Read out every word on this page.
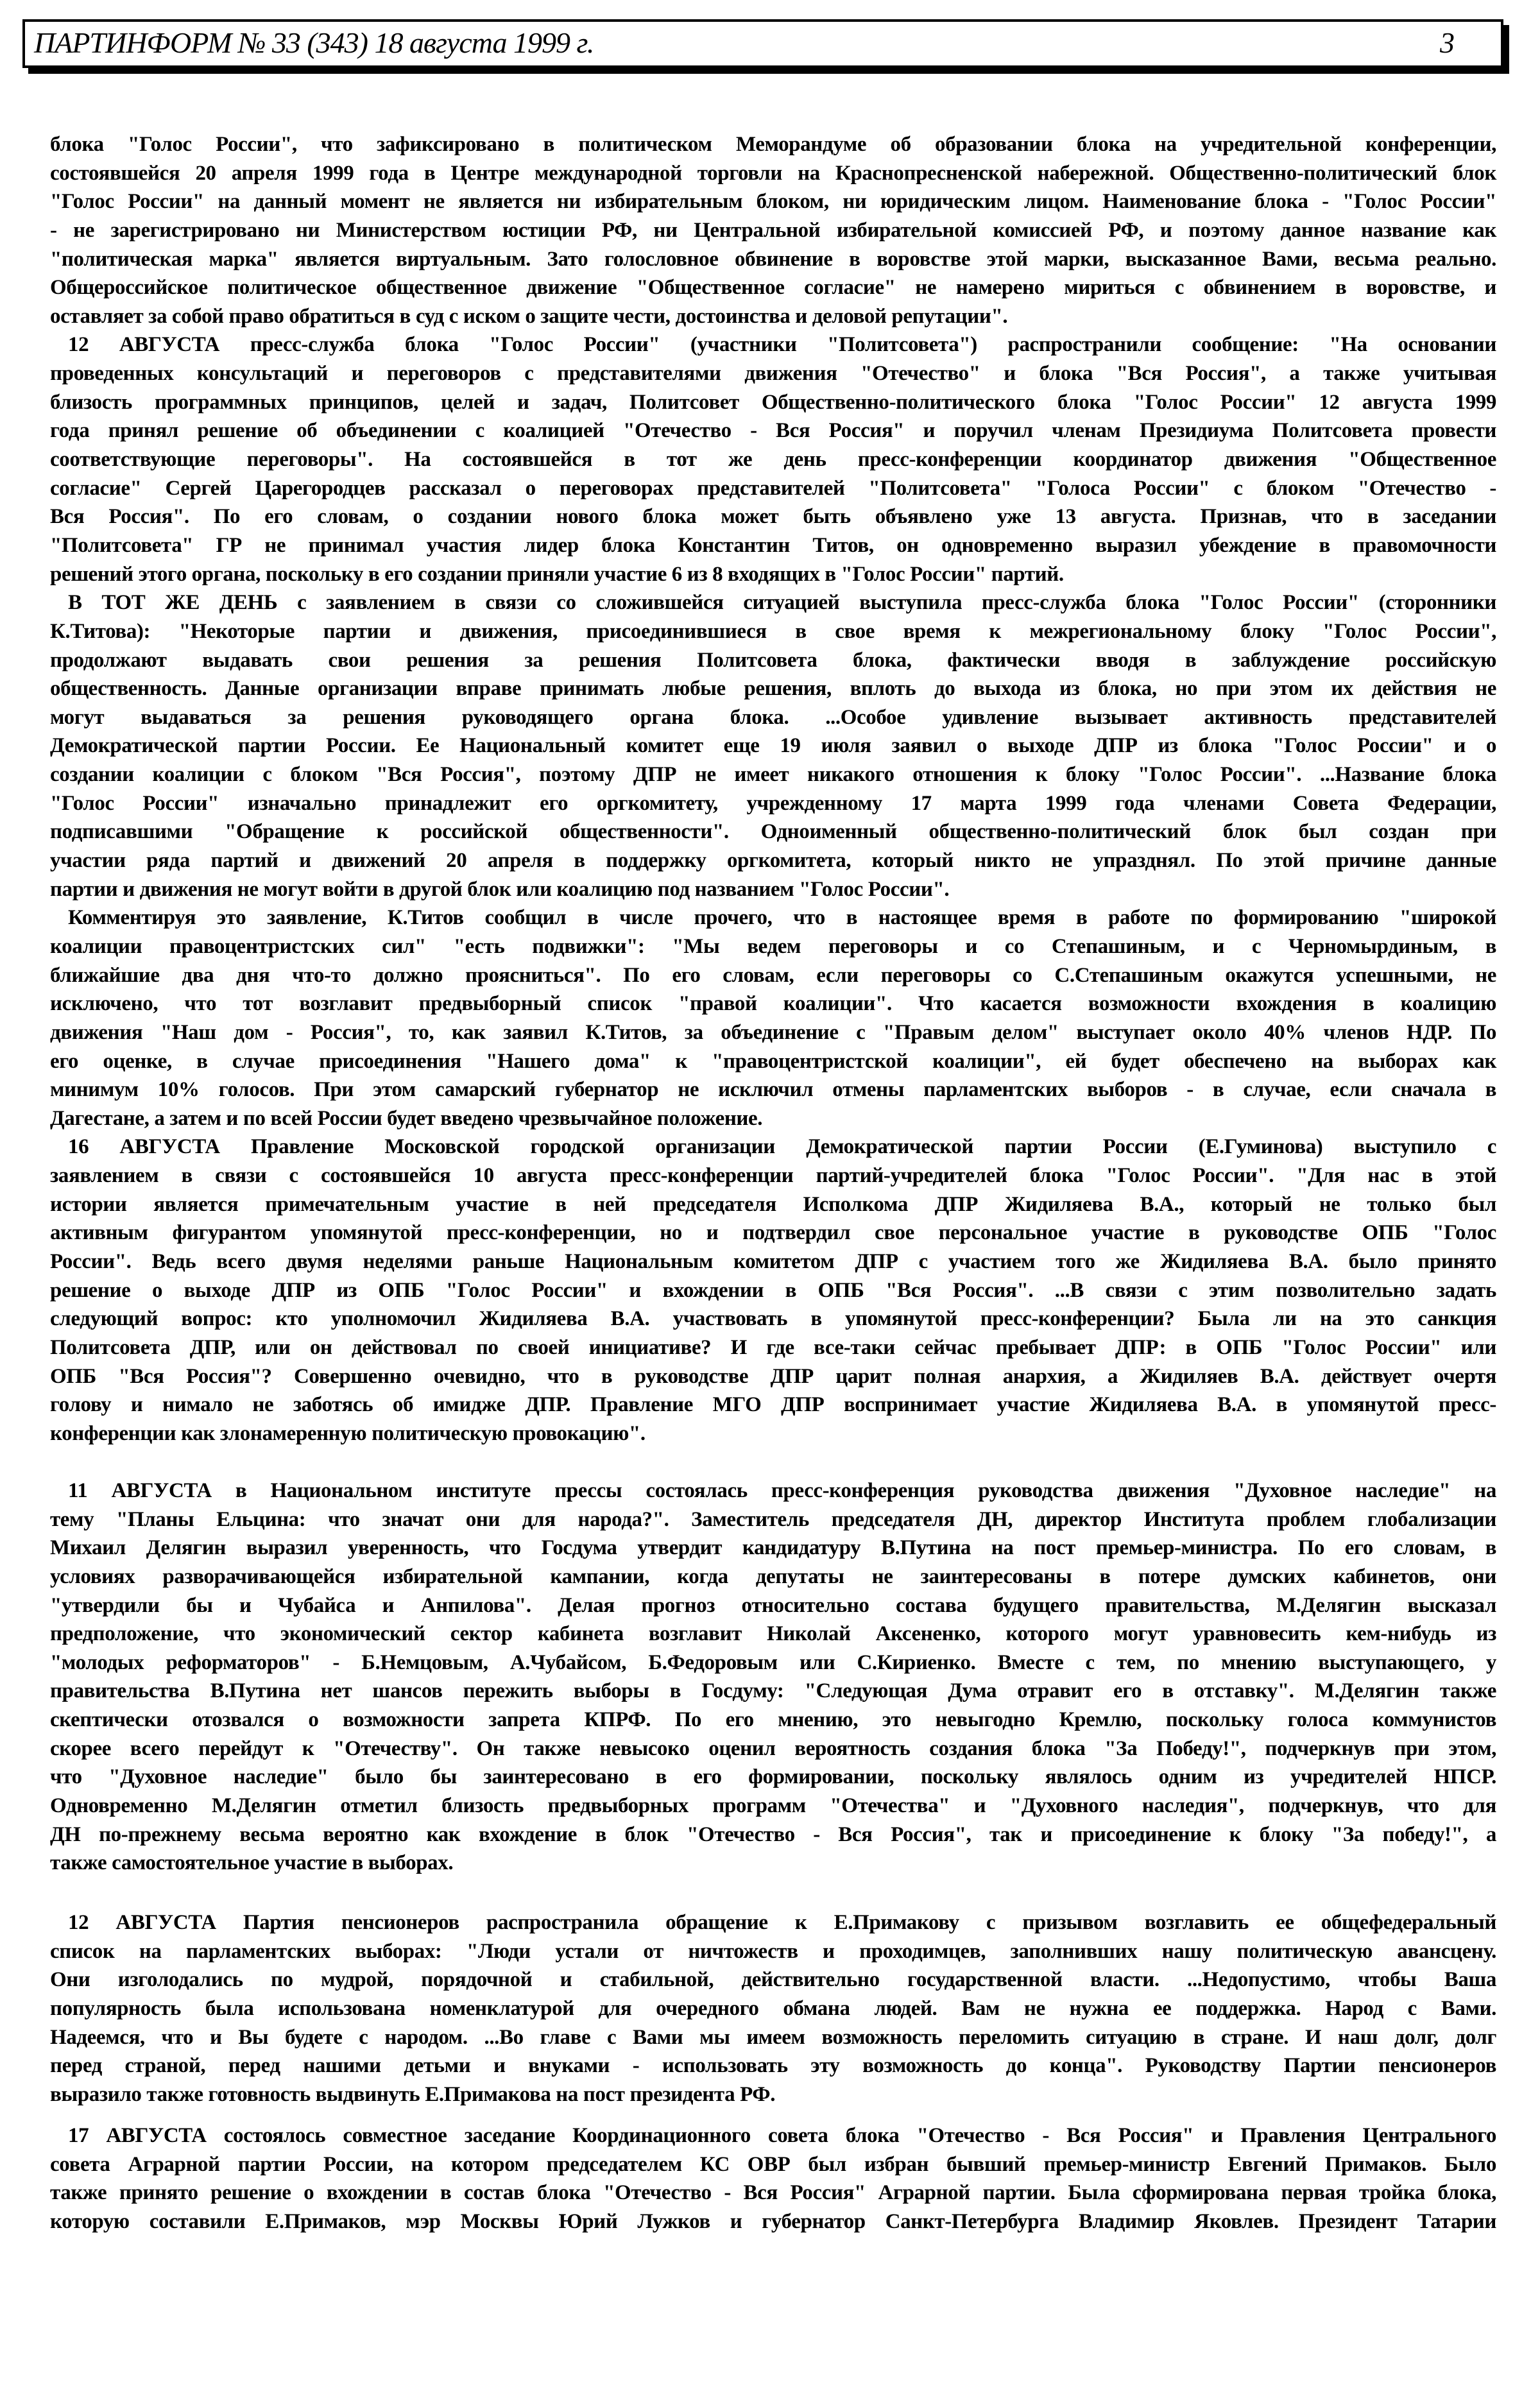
ПАРТИНФОРМ № 33 (343) 18 августа 1999 г.	3
блока "Голос России", что зафиксировано в политическом Меморандуме об образовании блока на учредительной конференции,
состоявшейся 20 апреля 1999 года в Центре международной торговли на Краснопресненской набережной. Общественно-политический блок
"Голос России" на данный момент не является ни избирательным блоком, ни юридическим лицом. Наименование блока - "Голос России"
- не зарегистрировано ни Министерством юстиции РФ, ни Центральной избирательной комиссией РФ, и поэтому данное название как
"политическая марка" является виртуальным. Зато голословное обвинение в воровстве этой марки, высказанное Вами, весьма реально.
Общероссийское политическое общественное движение "Общественное согласие" не намерено мириться с обвинением в воровстве, и
оставляет за собой право обратиться в суд с иском о защите чести, достоинства и деловой репутации".
12 АВГУСТА пресс-служба блока "Голос России" (участники "Политсовета") распространили сообщение: "На основании
проведенных консультаций и переговоров с представителями движения "Отечество" и блока "Вся Россия", а также учитывая
близость программных принципов, целей и задач, Политсовет Общественно-политического блока "Голос России" 12 августа 1999
года принял решение об объединении с коалицией "Отечество - Вся Россия" и поручил членам Президиума Политсовета провести
соответствующие переговоры". На состоявшейся в тот же день пресс-конференции координатор движения "Общественное
согласие" Сергей Царегородцев рассказал о переговорах представителей "Политсовета" "Голоса России" с блоком "Отечество -
Вся Россия". По его словам, о создании нового блока может быть объявлено уже 13 августа. Признав, что в заседании
"Политсовета" ГР не принимал участия лидер блока Константин Титов, он одновременно выразил убеждение в правомочности
решений этого органа, поскольку в его создании приняли участие 6 из 8 входящих в "Голос России" партий.
В ТОТ ЖЕ ДЕНЬ с заявлением в связи со сложившейся ситуацией выступила пресс-служба блока "Голос России" (сторонники
К.Титова): "Некоторые партии и движения, присоединившиеся в свое время к межрегиональному блоку "Голос России",
продолжают выдавать свои решения за решения Политсовета блока, фактически вводя в заблуждение российскую
общественность. Данные организации вправе принимать любые решения, вплоть до выхода из блока, но при этом их действия не
могут выдаваться за решения руководящего органа блока. ...Особое удивление вызывает активность представителей
Демократической партии России. Ее Национальный комитет еще 19 июля заявил о выходе ДПР из блока "Голос России" и о
создании коалиции с блоком "Вся Россия", поэтому ДПР не имеет никакого отношения к блоку "Голос России". ...Название блока
"Голос России" изначально принадлежит его оргкомитету, учрежденному 17 марта 1999 года членами Совета Федерации,
подписавшими "Обращение к российской общественности". Одноименный общественно-политический блок был создан при
участии ряда партий и движений 20 апреля в поддержку оргкомитета, который никто не упразднял. По этой причине данные
партии и движения не могут войти в другой блок или коалицию под названием "Голос России".
Комментируя это заявление, К.Титов сообщил в числе прочего, что в настоящее время в работе по формированию "широкой
коалиции правоцентристских сил" "есть подвижки": "Мы ведем переговоры и со Степашиным, и с Черномырдиным, в
ближайшие два дня что-то должно проясниться". По его словам, если переговоры со С.Степашиным окажутся успешными, не
исключено, что тот возглавит предвыборный список "правой коалиции". Что касается возможности вхождения в коалицию
движения "Наш дом - Россия", то, как заявил К.Титов, за объединение с "Правым делом" выступает около 40% членов НДР. По
его оценке, в случае присоединения "Нашего дома" к "правоцентристской коалиции", ей будет обеспечено на выборах как
минимум 10% голосов. При этом самарский губернатор не исключил отмены парламентских выборов - в случае, если сначала в
Дагестане, а затем и по всей России будет введено чрезвычайное положение.
16 АВГУСТА Правление Московской городской организации Демократической партии России (Е.Гуминова) выступило с
заявлением в связи с состоявшейся 10 августа пресс-конференции партий-учредителей блока "Голос России". "Для нас в этой
истории является примечательным участие в ней председателя Исполкома ДПР Жидиляева В.А., который не только был
активным фигурантом упомянутой пресс-конференции, но и подтвердил свое персональное участие в руководстве ОПБ "Голос
России". Ведь всего двумя неделями раньше Национальным комитетом ДПР с участием того же Жидиляева В.А. было принято
решение о выходе ДПР из ОПБ "Голос России" и вхождении в ОПБ "Вся Россия". ...В связи с этим позволительно задать
следующий вопрос: кто уполномочил Жидиляева В.А. участвовать в упомянутой пресс-конференции? Была ли на это санкция
Политсовета ДПР, или он действовал по своей инициативе? И где все-таки сейчас пребывает ДПР: в ОПБ "Голос России" или
ОПБ "Вся Россия"? Совершенно очевидно, что в руководстве ДПР царит полная анархия, а Жидиляев В.А. действует очертя
голову и нимало не заботясь об имидже ДПР. Правление МГО ДПР воспринимает участие Жидиляева В.А. в упомянутой пресс-
конференции как злонамеренную политическую провокацию".
11 АВГУСТА в Национальном институте прессы состоялась пресс-конференция руководства движения "Духовное наследие" на
тему "Планы Ельцина: что значат они для народа?". Заместитель председателя ДН, директор Института проблем глобализации
Михаил Делягин выразил уверенность, что Госдума утвердит кандидатуру В.Путина на пост премьер-министра. По его словам, в
условиях разворачивающейся избирательной кампании, когда депутаты не заинтересованы в потере думских кабинетов, они
"утвердили бы и Чубайса и Анпилова". Делая прогноз относительно состава будущего правительства, М.Делягин высказал
предположение, что экономический сектор кабинета возглавит Николай Аксененко, которого могут уравновесить кем-нибудь из
"молодых реформаторов" - Б.Немцовым, А.Чубайсом, Б.Федоровым или С.Кириенко. Вместе с тем, по мнению выступающего, у
правительства В.Путина нет шансов пережить выборы в Госдуму: "Следующая Дума отравит его в отставку". М.Делягин также
скептически отозвался о возможности запрета КПРФ. По его мнению, это невыгодно Кремлю, поскольку голоса коммунистов
скорее всего перейдут к "Отечеству". Он также невысоко оценил вероятность создания блока "За Победу!", подчеркнув при этом,
что "Духовное наследие" было бы заинтересовано в его формировании, поскольку являлось одним из учредителей НПСР.
Одновременно М.Делягин отметил близость предвыборных программ "Отечества" и "Духовного наследия", подчеркнув, что для
ДН по-прежнему весьма вероятно как вхождение в блок "Отечество - Вся Россия", так и присоединение к блоку "За победу!", а
также самостоятельное участие в выборах.
12 АВГУСТА Партия пенсионеров распространила обращение к Е.Примакову с призывом возглавить ее общефедеральный
список на парламентских выборах: "Люди устали от ничтожеств и проходимцев, заполнивших нашу политическую авансцену.
Они изголодались по мудрой, порядочной и стабильной, действительно государственной власти. ...Недопустимо, чтобы Ваша
популярность была использована номенклатурой для очередного обмана людей. Вам не нужна ее поддержка. Народ с Вами.
Надеемся, что и Вы будете с народом. ...Во главе с Вами мы имеем возможность переломить ситуацию в стране. И наш долг, долг
перед страной, перед нашими детьми и внуками - использовать эту возможность до конца". Руководству Партии пенсионеров
выразило также готовность выдвинуть Е.Примакова на пост президента РФ.
17 АВГУСТА состоялось совместное заседание Координационного совета блока "Отечество - Вся Россия" и Правления Центрального
совета Аграрной партии России, на котором председателем КС ОВР был избран бывший премьер-министр Евгений Примаков. Было
также принято решение о вхождении в состав блока "Отечество - Вся Россия" Аграрной партии. Была сформирована первая тройка блока,
которую составили Е.Примаков, мэр Москвы Юрий Лужков и губернатор Санкт-Петербурга Владимир Яковлев. Президент Татарии
